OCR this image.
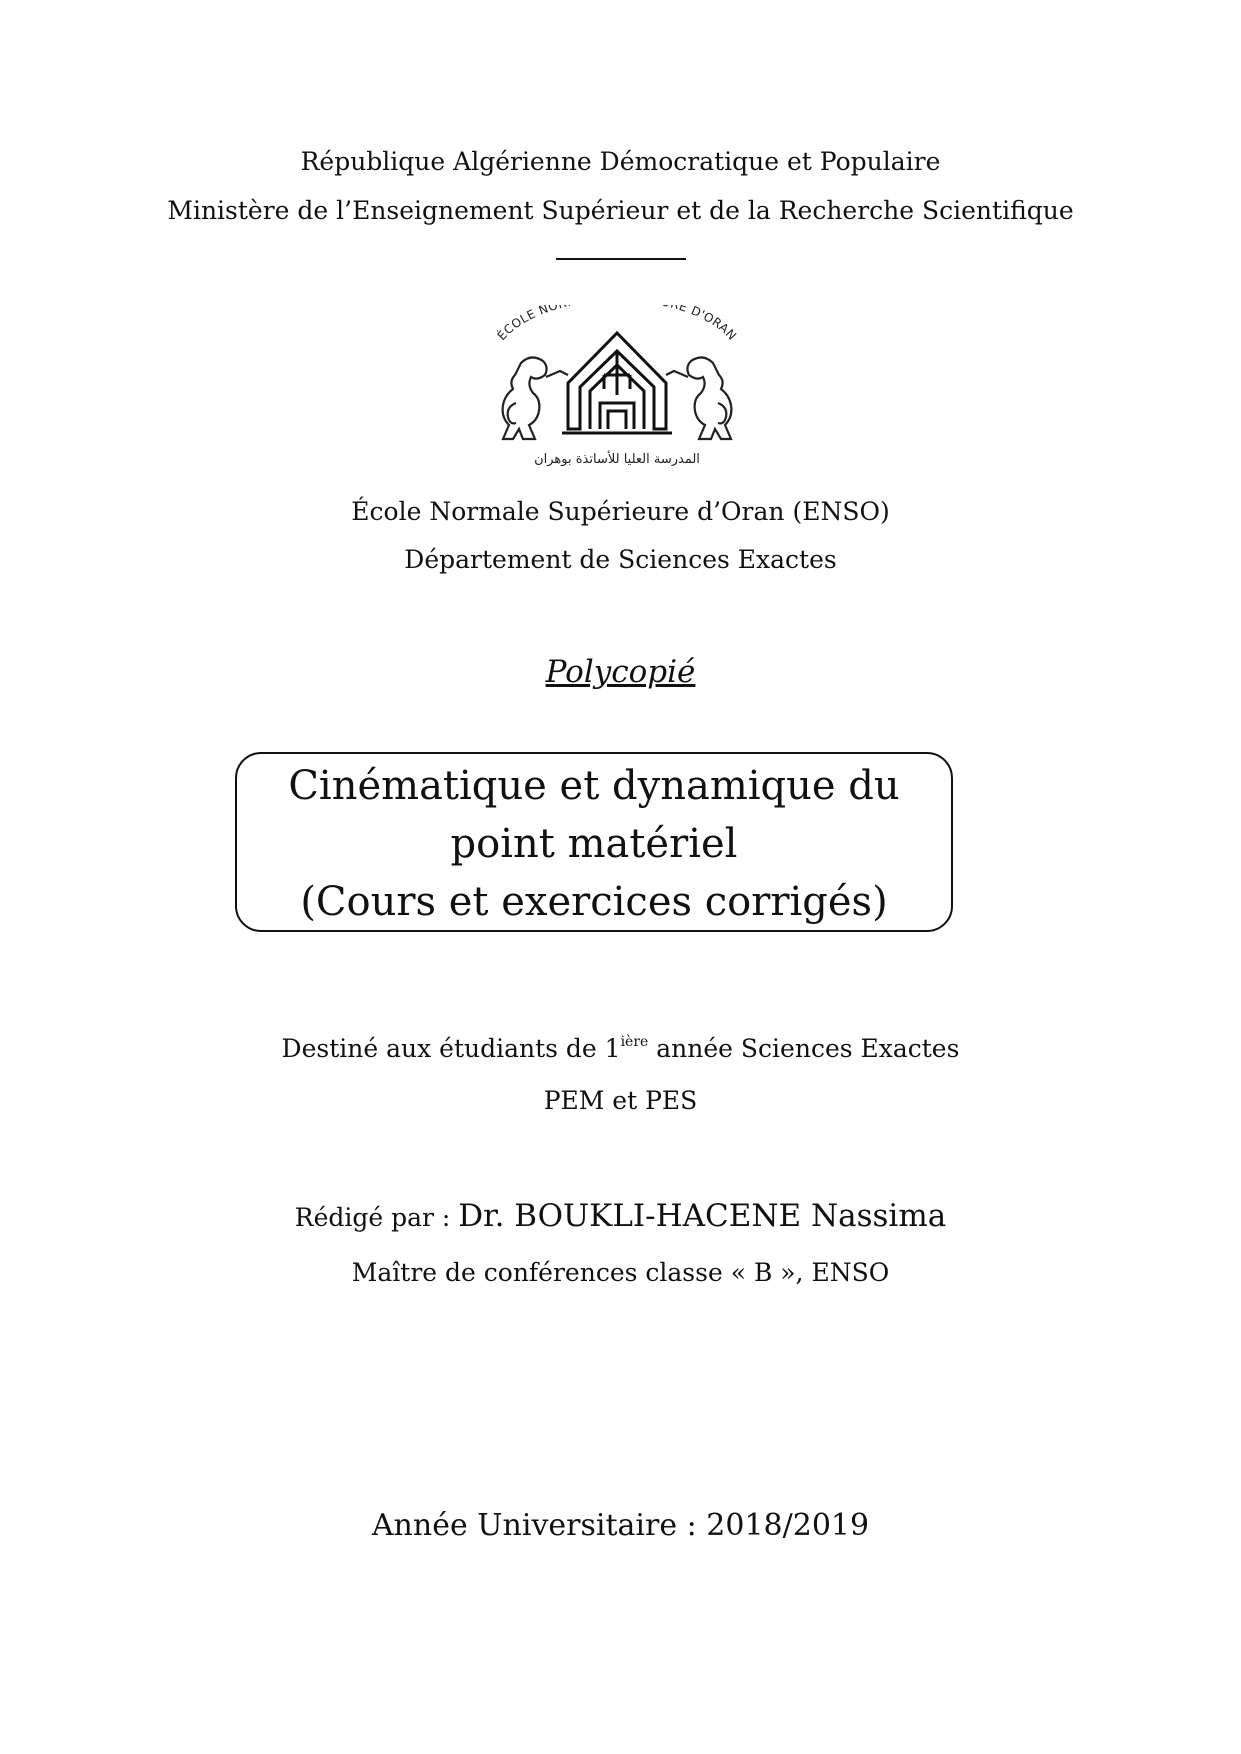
République Algérienne Démocratique et Populaire
Ministère de l’Enseignement Supérieur et de la Recherche Scientifique
ÉCOLE NO E D'ORAN
المدرسة العليا للأساتذة بوهران
École Normale Supérieure d’Oran (ENSO)
Département de Sciences Exactes
Polycopié
Cinématique et dynamique du
point matériel
(Cours et exercices corrigés)
Destiné aux étudiants de $1^{ière}$ année Sciences Exactes
PEM et PES
Rédigé par : Dr. BOUKLI-HACENE Nassima
Maître de conférences classe « B », ENSO
Année Universitaire : 2018/2019
